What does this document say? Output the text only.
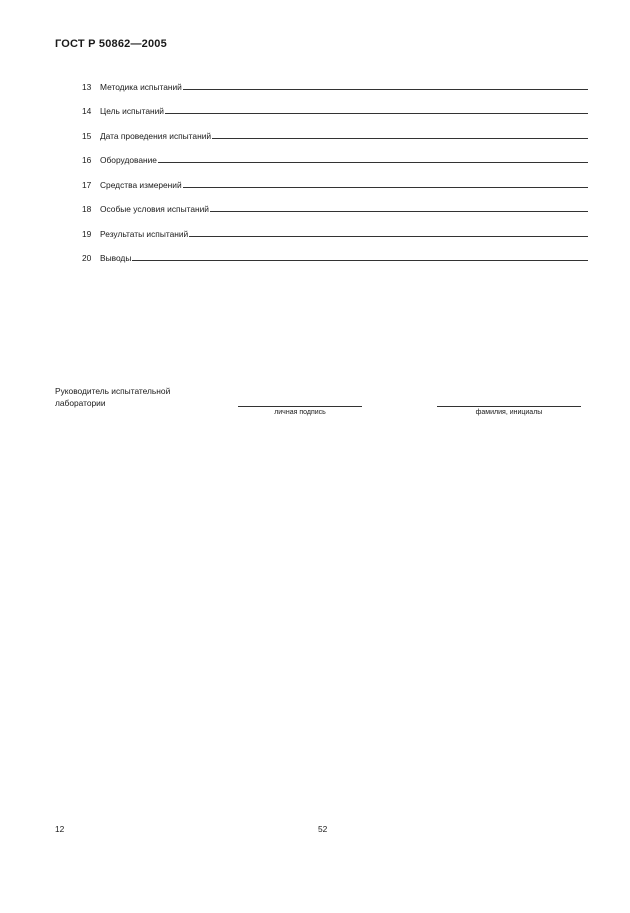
ГОСТ Р 50862—2005
13	Методика испытаний
14	Цель испытаний
15	Дата проведения испытаний
16	Оборудование
17	Средства измерений
18	Особые условия испытаний
19	Результаты испытаний
20	Выводы
Руководитель испытательной
лаборатории
личная подпись	фамилия, инициалы
12	52
